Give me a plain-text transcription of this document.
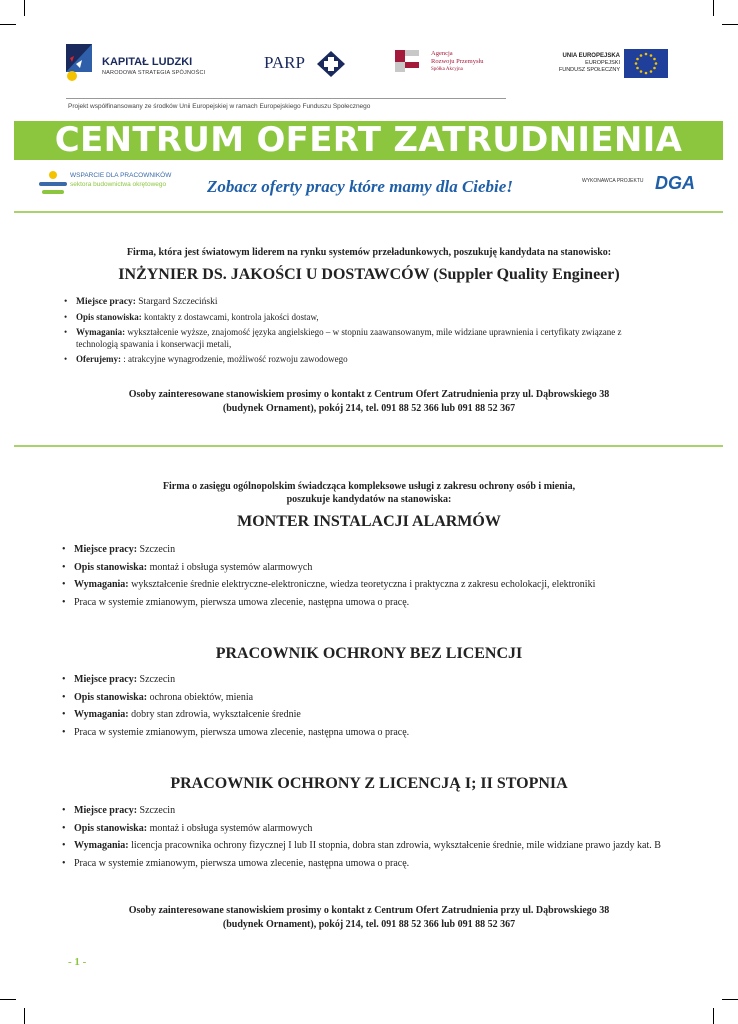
KAPITAŁ LUDZKI
NARODOWA STRATEGIA SPÓJNOŚCI
PARP	Agencja
Rozwoju Przemysłu
Spółka Akcyjna
UNIA EUROPEJSKA
EUROPEJSKI
FUNDUSZ SPOŁECZNY
Projekt współfinansowany ze środków Unii Europejskiej w ramach Europejskiego Funduszu Społecznego
CENTRUM OFERT ZATRUDNIENIA
WSPARCIE DLA PRACOWNIKÓW
sektora budownictwa okrętowego Zobacz oferty pracy które mamy dla Ciebie!	WYKONAWCA PROJEKTU DGA
Firma, która jest światowym liderem na rynku systemów przeładunkowych, poszukuję kandydata na stanowisko:
INŻYNIER DS. JAKOŚCI U DOSTAWCÓW (Suppler Quality Engineer)
• Miejsce pracy: Stargard Szczeciński
• Opis stanowiska: kontakty z dostawcami, kontrola jakości dostaw,
• Wymagania: wykształcenie wyższe, znajomość języka angielskiego – w stopniu zaawansowanym, mile widziane uprawnienia i certyfikaty związane z technologią spawania i konserwacji metali,
• Oferujemy: : atrakcyjne wynagrodzenie, możliwość rozwoju zawodowego
Osoby zainteresowane stanowiskiem prosimy o kontakt z Centrum Ofert Zatrudnienia przy ul. Dąbrowskiego 38
(budynek Ornament), pokój 214, tel. 091 88 52 366 lub 091 88 52 367
Firma o zasięgu ogólnopolskim świadcząca kompleksowe usługi z zakresu ochrony osób i mienia,
poszukuje kandydatów na stanowiska:
MONTER INSTALACJI ALARMÓW
• Miejsce pracy: Szczecin
• Opis stanowiska: montaż i obsługa systemów alarmowych
• Wymagania: wykształcenie średnie elektryczne-elektroniczne, wiedza teoretyczna i praktyczna z zakresu echolokacji, elektroniki
• Praca w systemie zmianowym, pierwsza umowa zlecenie, następna umowa o pracę.
PRACOWNIK OCHRONY BEZ LICENCJI
• Miejsce pracy: Szczecin
• Opis stanowiska: ochrona obiektów, mienia
• Wymagania: dobry stan zdrowia, wykształcenie średnie
• Praca w systemie zmianowym, pierwsza umowa zlecenie, następna umowa o pracę.
PRACOWNIK OCHRONY Z LICENCJĄ I; II STOPNIA
• Miejsce pracy: Szczecin
• Opis stanowiska: montaż i obsługa systemów alarmowych
• Wymagania: licencja pracownika ochrony fizycznej I lub II stopnia, dobra stan zdrowia, wykształcenie średnie, mile widziane prawo jazdy kat. B
• Praca w systemie zmianowym, pierwsza umowa zlecenie, następna umowa o pracę.
Osoby zainteresowane stanowiskiem prosimy o kontakt z Centrum Ofert Zatrudnienia przy ul. Dąbrowskiego 38
(budynek Ornament), pokój 214, tel. 091 88 52 366 lub 091 88 52 367
- 1 -
